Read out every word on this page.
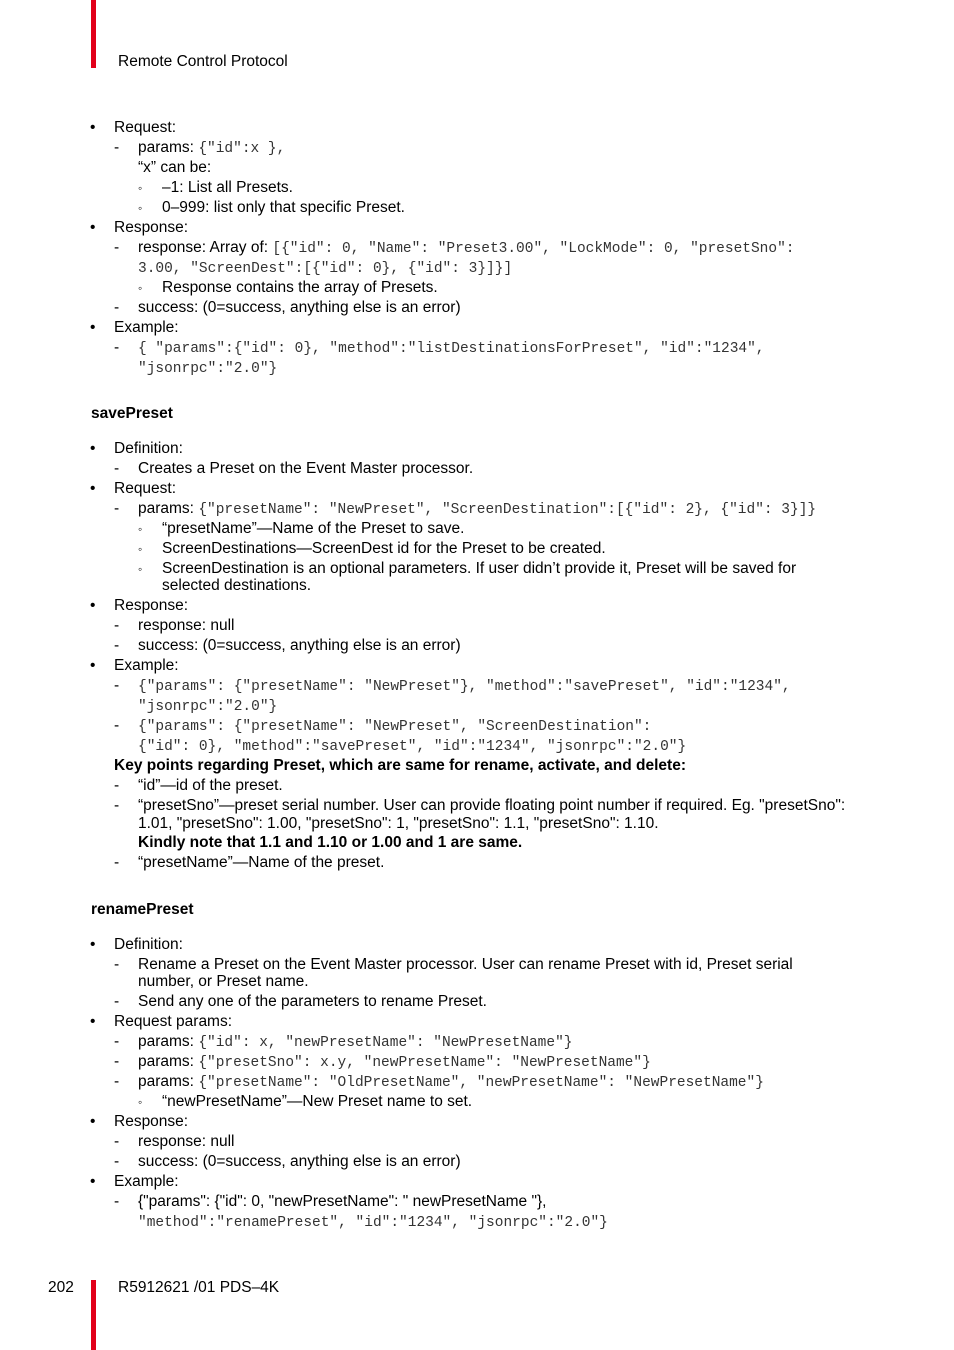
Remote Control Protocol
• Request:
- params: {"id":x },
“x” can be:
◦ –1: List all Presets.
◦ 0–999: list only that specific Preset.
• Response:
- response: Array of: [{"id": 0, "Name": "Preset3.00", "LockMode": 0, "presetSno":
3.00, "ScreenDest":[{"id": 0}, {"id": 3}]}]
◦ Response contains the array of Presets.
- success: (0=success, anything else is an error)
• Example:
- { "params":{"id": 0}, "method":"listDestinationsForPreset", "id":"1234",
"jsonrpc":"2.0"}
• Definition:
- Creates a Preset on the Event Master processor.
• Request:
- params: {"presetName": "NewPreset", "ScreenDestination":[{"id": 2}, {"id": 3}]}
◦ “presetName”—Name of the Preset to save.
◦ ScreenDestinations—ScreenDest id for the Preset to be created.
◦ ScreenDestination is an optional parameters. If user didn’t provide it, Preset will be saved for
selected destinations.
• Response:
- response: null
- success: (0=success, anything else is an error)
• Example:
- {"params": {"presetName": "NewPreset"}, "method":"savePreset", "id":"1234",
"jsonrpc":"2.0"}
- {"params": {"presetName": "NewPreset", "ScreenDestination":
{"id": 0}, "method":"savePreset", "id":"1234", "jsonrpc":"2.0"}
Key points regarding Preset, which are same for rename, activate, and delete:
- “id”—id of the preset.
- “presetSno”—preset serial number. User can provide floating point number if required. Eg. "presetSno":
1.01, "presetSno": 1.00, "presetSno": 1, "presetSno": 1.1, "presetSno": 1.10.
Kindly note that 1.1 and 1.10 or 1.00 and 1 are same.
- “presetName”—Name of the preset.
• Definition:
- Rename a Preset on the Event Master processor. User can rename Preset with id, Preset serial
number, or Preset name.
- Send any one of the parameters to rename Preset.
• Request params:
- params: {"id": x, "newPresetName": "NewPresetName"}
- params: {"presetSno": x.y, "newPresetName": "NewPresetName"}
- params: {"presetName": "OldPresetName", "newPresetName": "NewPresetName"}
◦ “newPresetName”—New Preset name to set.
• Response:
- response: null
- success: (0=success, anything else is an error)
• Example:
- {"params": {"id": 0, "newPresetName": " newPresetName "},
"method":"renamePreset", "id":"1234", "jsonrpc":"2.0"}
savePreset
renamePreset
202	R5912621 /01 PDS–4K
